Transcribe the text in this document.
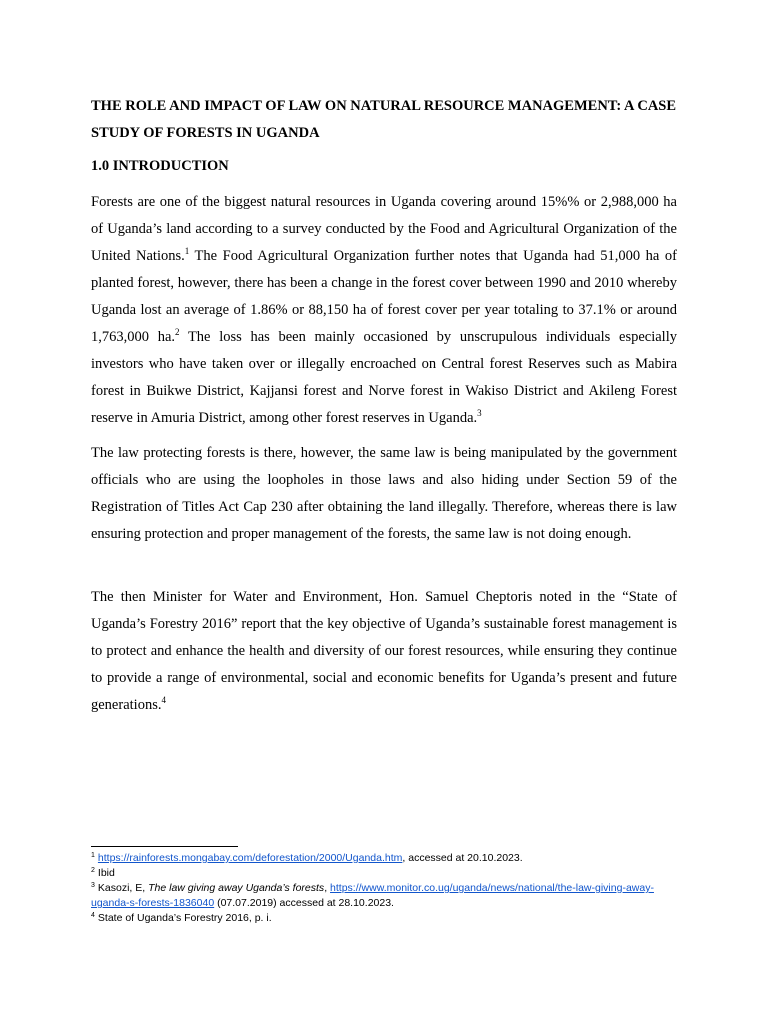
THE ROLE AND IMPACT OF LAW ON NATURAL RESOURCE MANAGEMENT: A CASE STUDY OF FORESTS IN UGANDA
1.0 INTRODUCTION

Forests are one of the biggest natural resources in Uganda covering around 15%% or 2,988,000 ha of Uganda’s land according to a survey conducted by the Food and Agricultural Organization of the United Nations.$^1$ The Food Agricultural Organization further notes that Uganda had 51,000 ha of planted forest, however, there has been a change in the forest cover between 1990 and 2010 whereby Uganda lost an average of 1.86% or 88,150 ha of forest cover per year totaling to 37.1% or around 1,763,000 ha.$^2$ The loss has been mainly occasioned by unscrupulous individuals especially investors who have taken over or illegally encroached on Central forest Reserves such as Mabira forest in Buikwe District, Kajjansi forest and Norve forest in Wakiso District and Akileng Forest reserve in Amuria District, among other forest reserves in Uganda.$^3$

The law protecting forests is there, however, the same law is being manipulated by the government officials who are using the loopholes in those laws and also hiding under Section 59 of the Registration of Titles Act Cap 230 after obtaining the land illegally. Therefore, whereas there is law ensuring protection and proper management of the forests, the same law is not doing enough.

The then Minister for Water and Environment, Hon. Samuel Cheptoris noted in the “State of Uganda’s Forestry 2016” report that the key objective of Uganda’s sustainable forest management is to protect and enhance the health and diversity of our forest resources, while ensuring they continue to provide a range of environmental, social and economic benefits for Uganda’s present and future generations.$^4$

$^1$ https://rainforests.mongabay.com/deforestation/2000/Uganda.htm, accessed at 20.10.2023.

$^2$ Ibid

$^3$ Kasozi, E, The law giving away Uganda’s forests, https://www.monitor.co.ug/uganda/news/national/the-law-giving-away-uganda-s-forests-1836040 (07.07.2019) accessed at 28.10.2023.

$^4$ State of Uganda’s Forestry 2016, p. i.
